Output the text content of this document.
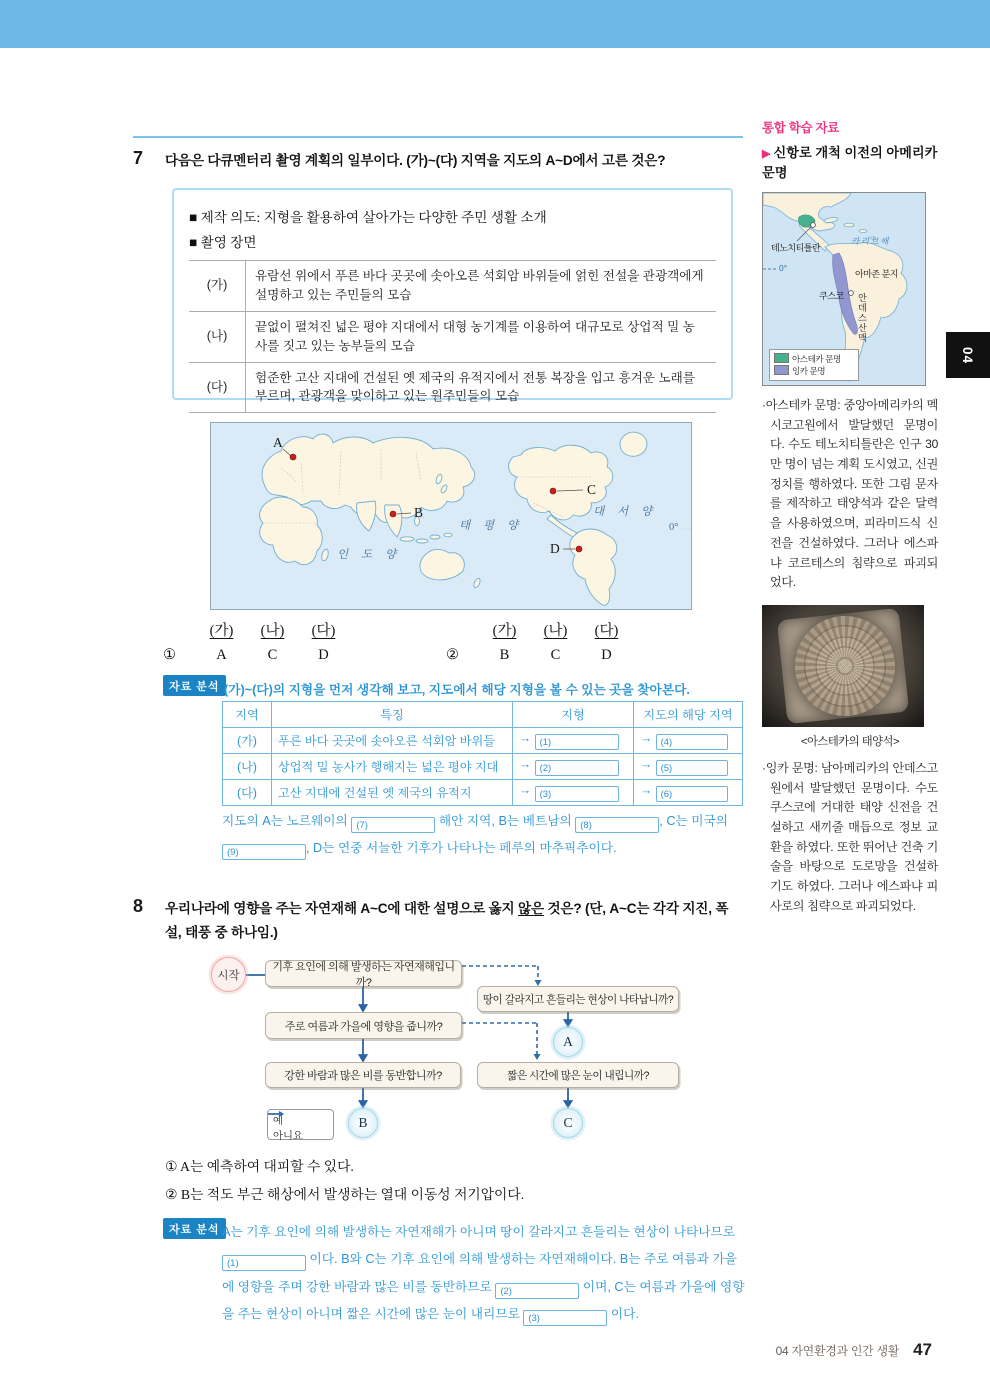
7 다음은 다큐멘터리 촬영 계획의 일부이다. (가)~(다) 지역을 지도의 A~D에서 고른 것은?
■ 제작 의도: 지형을 활용하여 살아가는 다양한 주민 생활 소개
■ 촬영 장면
(가)	유람선 위에서 푸른 바다 곳곳에 솟아오른 석회암 바위들에 얽힌 전설을 관광객에게 설명하고 있는 주민들의 모습
(나)	끝없이 펼쳐진 넓은 평야 지대에서 대형 농기계를 이용하여 대규모로 상업적 밀 농사를 짓고 있는 농부들의 모습
(다)	험준한 고산 지대에 건설된 옛 제국의 유적지에서 전통 복장을 입고 흥겨운 노래를 부르며, 관광객을 맞이하고 있는 원주민들의 모습
A
B
C
D
태 평 양
대 서 양
인 도 양
0°
(가)	(나)	(다)
①	A	C	D
(가)	(나)	(다)
②	B	C	D
자료 분석 (가)~(다)의 지형을 먼저 생각해 보고, 지도에서 해당 지형을 볼 수 있는 곳을 찾아본다.
지역	특징	지형	지도의 해당 지역
(가)	푸른 바다 곳곳에 솟아오른 석회암 바위들	→ (1)	→ (4)
(나)	상업적 밀 농사가 행해지는 넓은 평야 지대	→ (2)	→ (5)
(다)	고산 지대에 건설된 옛 제국의 유적지	→ (3)	→ (6)
지도의 A는 노르웨이의 (7)	해안 지역, B는 베트남의 (8)	, C는 미국의 (9)	, D는 연중 서늘한 기후가 나타나는 페루의 마추픽추이다.
8 우리나라에 영향을 주는 자연재해 A~C에 대한 설명으로 옳지 않은 것은? (단, A~C는 각각 지진, 폭설, 태풍 중 하나임.)
시작
기후 요인에 의해 발생하는 자연재해입니까?
땅이 갈라지고 흔들리는 현상이 나타납니까?
주로 여름과 가을에 영향을 줍니까?
강한 바람과 많은 비를 동반합니까?	짧은 시간에 많은 눈이 내립니까?
A
B	C
예
아니요
① A는 예측하여 대피할 수 있다.
② B는 적도 부근 해상에서 발생하는 열대 이동성 저기압이다.
자료 분석 A는 기후 요인에 의해 발생하는 자연재해가 아니며 땅이 갈라지고 흔들리는 현상이 나타나므로 (1)	이다. B와 C는 기후 요인에 의해 발생하는 자연재해이다. B는 주로 여름과 가을에 영향을 주며 강한 바람과 많은 비를 동반하므로 (2)	이며, C는 여름과 가을에 영향을 주는 현상이 아니며 짧은 시간에 많은 눈이 내리므로 (3)	이다.
통합 학습 자료
▶ 신항로 개척 이전의 아메리카 문명
테노치티틀란
카리브해
0°
아마존 분지
쿠스코 안데스산맥
아스테카 문명
잉카 문명
·아스테카 문명: 중앙아메리카의 멕시코고원에서 발달했던 문명이다. 수도 테노치티틀란은 인구 30만 명이 넘는 계획 도시였고, 신권 정치를 행하였다. 또한 그림 문자를 제작하고 태양석과 같은 달력을 사용하였으며, 피라미드식 신전을 건설하였다. 그러나 에스파냐 코르테스의 침략으로 파괴되었다.
<아스테카의 태양석>
·잉카 문명: 남아메리카의 안데스고원에서 발달했던 문명이다. 수도 쿠스코에 거대한 태양 신전을 건설하고 새끼줄 매듭으로 정보 교환을 하였다. 또한 뛰어난 건축 기술을 바탕으로 도로망을 건설하기도 하였다. 그러나 에스파냐 피사로의 침략으로 파괴되었다.
04
04 자연환경과 인간 생활 47
